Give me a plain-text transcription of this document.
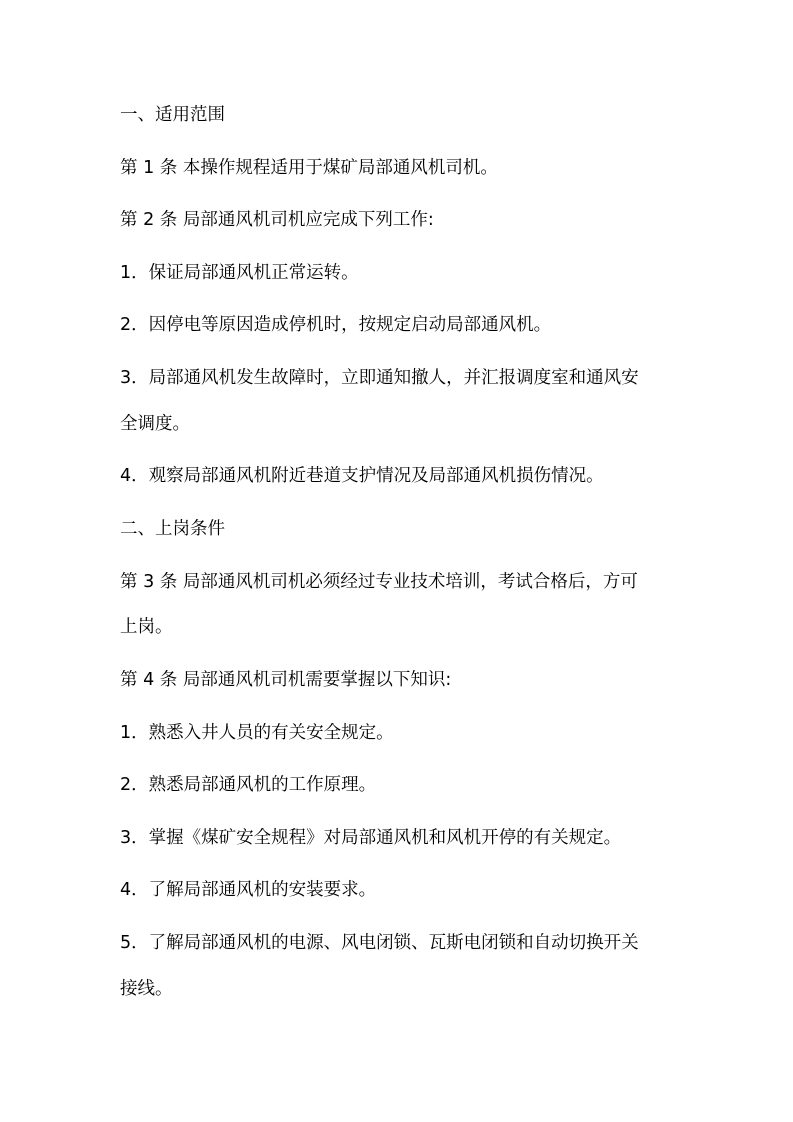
一、适用范围
第 1 条 本操作规程适用于煤矿局部通风机司机。
第 2 条 局部通风机司机应完成下列工作:
1．保证局部通风机正常运转。
2．因停电等原因造成停机时，按规定启动局部通风机。
3．局部通风机发生故障时，立即通知撤人，并汇报调度室和通风安
全调度。
4．观察局部通风机附近巷道支护情况及局部通风机损伤情况。
二、上岗条件
第 3 条 局部通风机司机必须经过专业技术培训，考试合格后，方可
上岗。
第 4 条 局部通风机司机需要掌握以下知识:
1．熟悉入井人员的有关安全规定。
2．熟悉局部通风机的工作原理。
3．掌握《煤矿安全规程》对局部通风机和风机开停的有关规定。
4．了解局部通风机的安装要求。
5．了解局部通风机的电源、风电闭锁、瓦斯电闭锁和自动切换开关
接线。
